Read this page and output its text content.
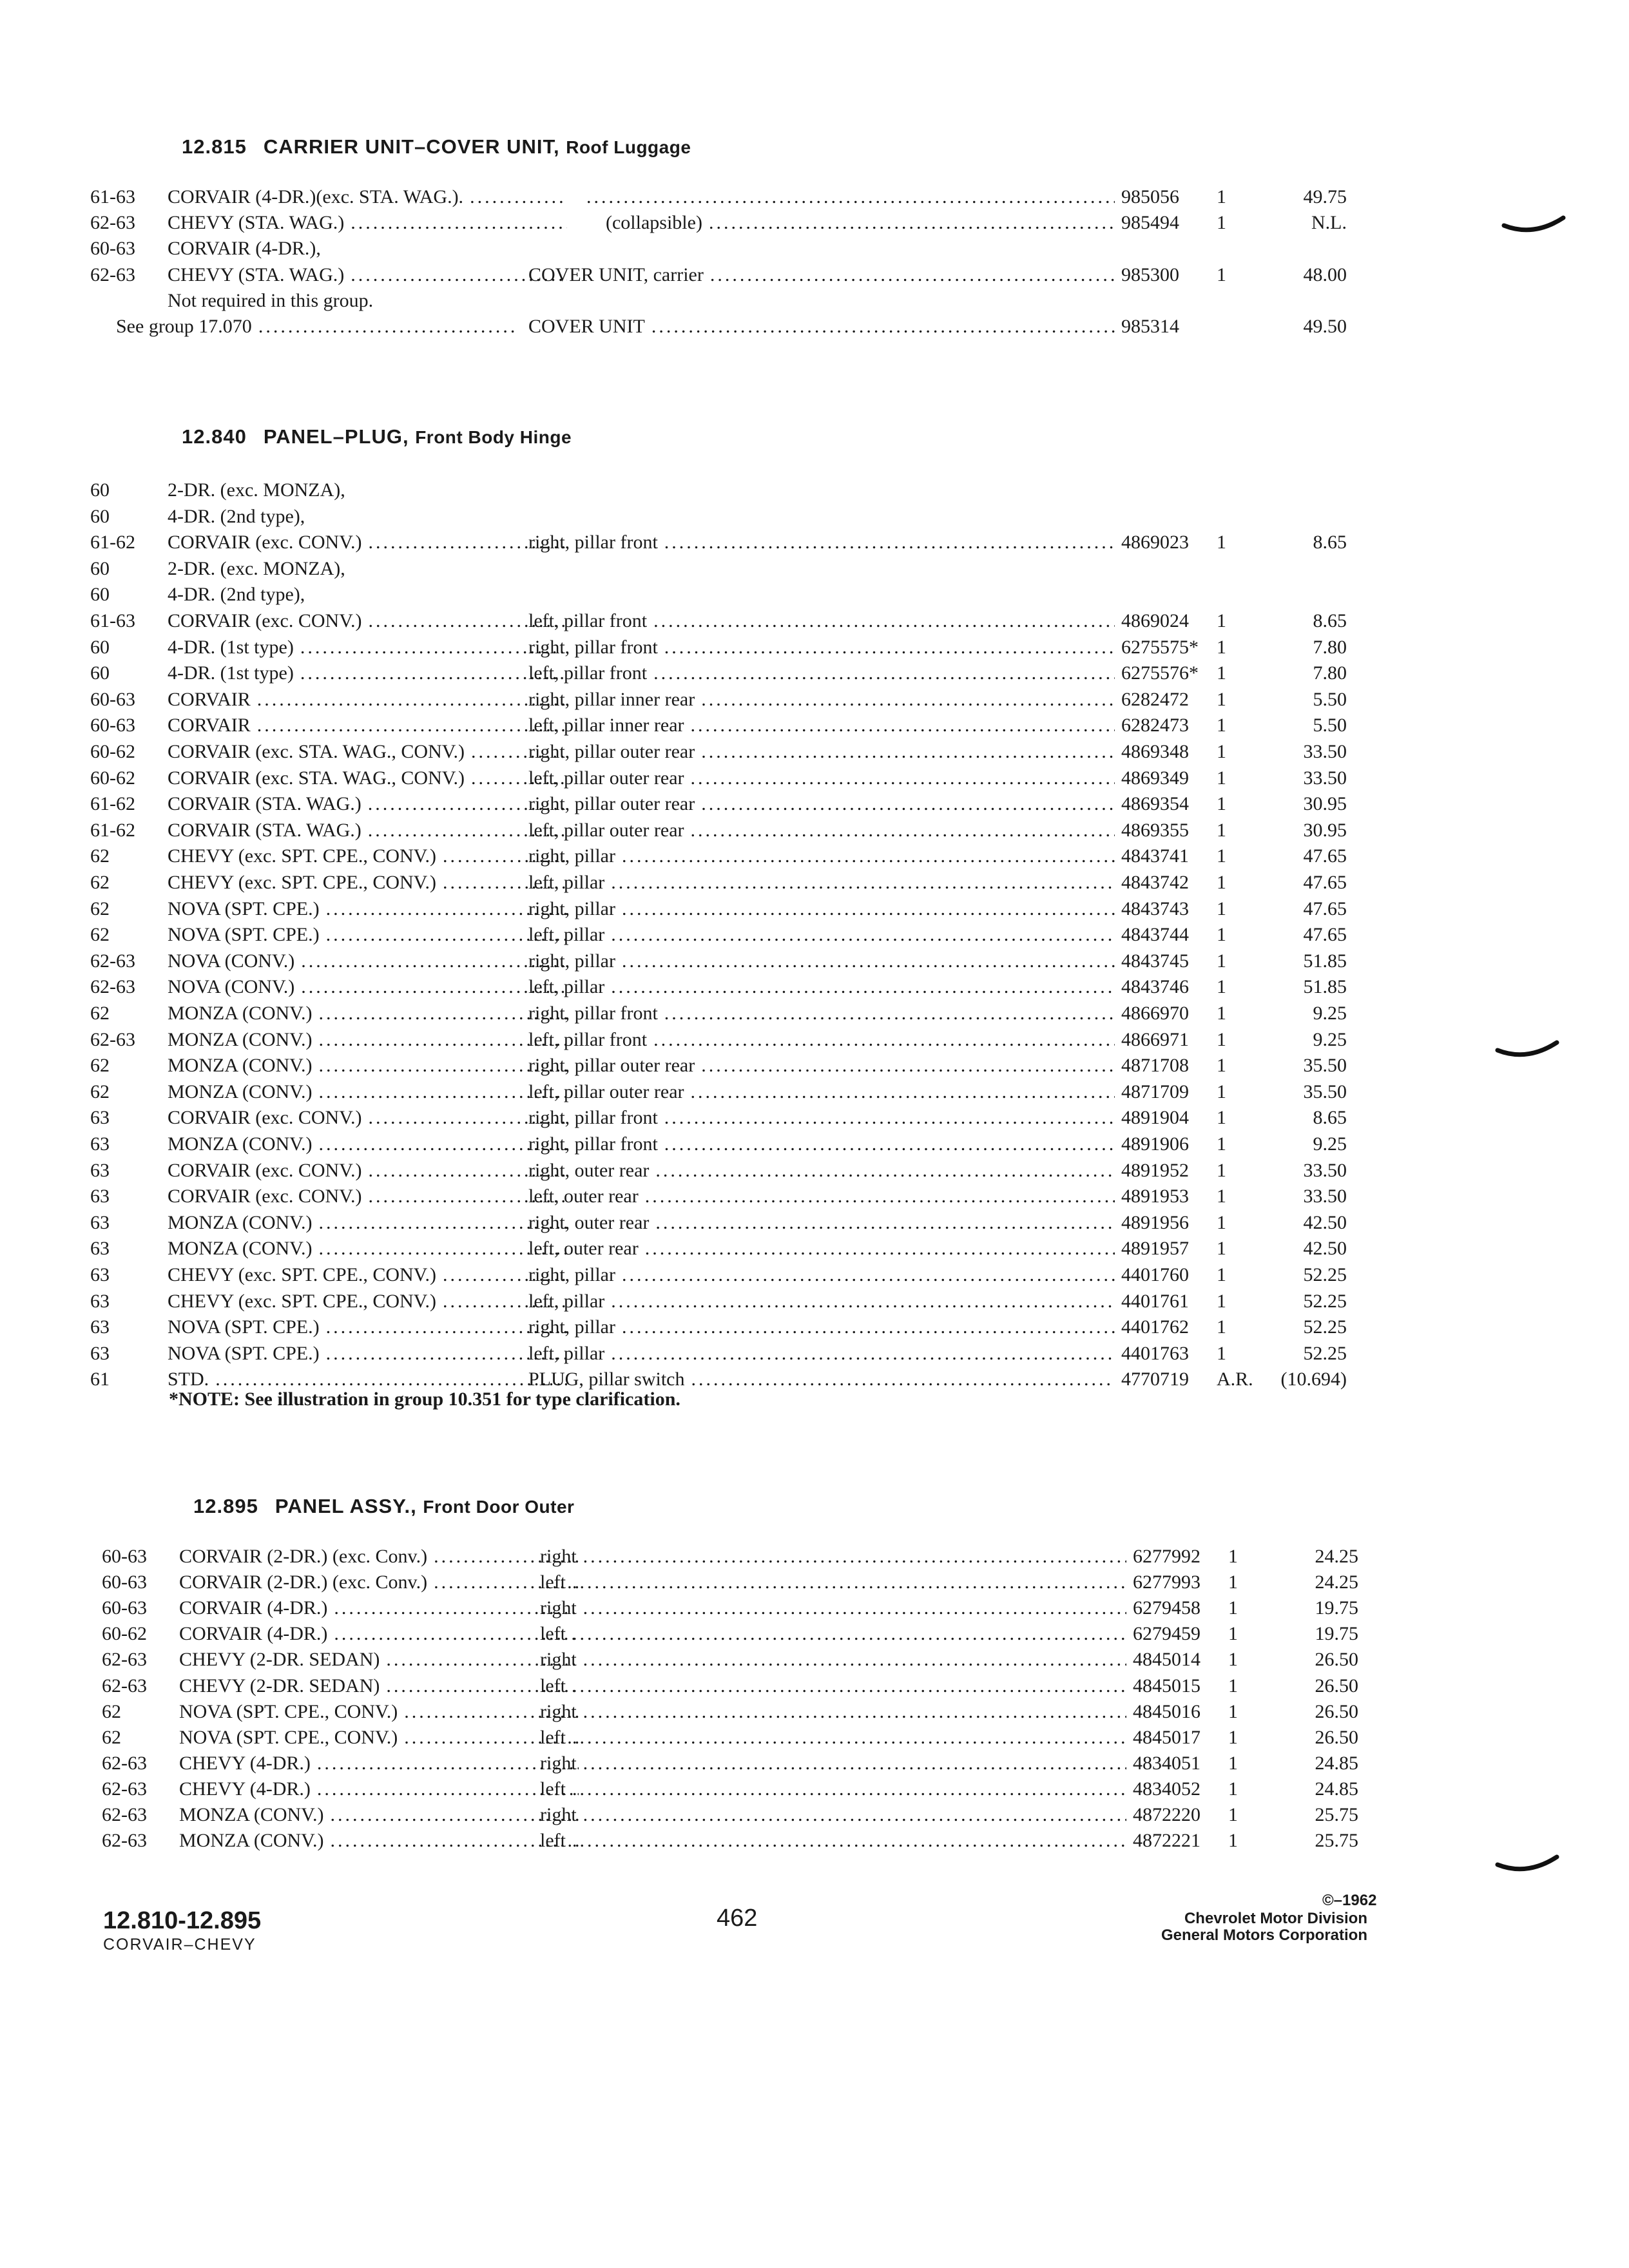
12.815 CARRIER UNIT–COVER UNIT, Roof Luggage
61-63 CORVAIR (4-DR.)(exc. STA. WAG.). ..... .....	985056 1	49.75
62-63 CHEVY (STA. WAG.) .....	(collapsible) .....	985494 1	N.L.
60-63 CORVAIR (4-DR.),
62-63 CHEVY (STA. WAG.) .....	COVER UNIT, carrier .....	985300 1	48.00
Not required in this group.
See group 17.070 .....	COVER UNIT .....	985314	49.50
12.840 PANEL–PLUG, Front Body Hinge
60	2-DR. (exc. MONZA),
60	4-DR. (2nd type),
61-62 CORVAIR (exc. CONV.) .....	right, pillar front .....	4869023 1	8.65
60	2-DR. (exc. MONZA),
60	4-DR. (2nd type),
61-63 CORVAIR (exc. CONV.) .....	left, pillar front .....	4869024 1	8.65
60	4-DR. (1st type) .....	right, pillar front .....	6275575* 1	7.80
60	4-DR. (1st type) .....	left, pillar front .....	6275576* 1	7.80
60-63 CORVAIR .....	right, pillar inner rear .....	6282472 1	5.50
60-63 CORVAIR .....	left, pillar inner rear .....	6282473 1	5.50
60-62 CORVAIR (exc. STA. WAG., CONV.) .....	right, pillar outer rear .....	4869348 1	33.50
60-62 CORVAIR (exc. STA. WAG., CONV.) .....	left, pillar outer rear .....	4869349 1	33.50
61-62 CORVAIR (STA. WAG.) .....	right, pillar outer rear .....	4869354 1	30.95
61-62 CORVAIR (STA. WAG.) .....	left, pillar outer rear .....	4869355 1	30.95
62	CHEVY (exc. SPT. CPE., CONV.) .....	right, pillar .....	4843741 1	47.65
62	CHEVY (exc. SPT. CPE., CONV.) .....	left, pillar .....	4843742 1	47.65
62	NOVA (SPT. CPE.) .....	right, pillar .....	4843743 1	47.65
62	NOVA (SPT. CPE.) .....	left, pillar .....	4843744 1	47.65
62-63 NOVA (CONV.) .....	right, pillar .....	4843745 1	51.85
62-63 NOVA (CONV.) .....	left, pillar .....	4843746 1	51.85
62	MONZA (CONV.) .....	right, pillar front .....	4866970 1	9.25
62-63 MONZA (CONV.) .....	left, pillar front .....	4866971 1	9.25
62	MONZA (CONV.) .....	right, pillar outer rear .....	4871708 1	35.50
62	MONZA (CONV.) .....	left, pillar outer rear .....	4871709 1	35.50
63	CORVAIR (exc. CONV.) .....	right, pillar front .....	4891904 1	8.65
63	MONZA (CONV.) .....	right, pillar front .....	4891906 1	9.25
63	CORVAIR (exc. CONV.) .....	right, outer rear .....	4891952 1	33.50
63	CORVAIR (exc. CONV.) .....	left, outer rear .....	4891953 1	33.50
63	MONZA (CONV.) .....	right, outer rear .....	4891956 1	42.50
63	MONZA (CONV.) .....	left, outer rear .....	4891957 1	42.50
63	CHEVY (exc. SPT. CPE., CONV.) .....	right, pillar .....	4401760 1	52.25
63	CHEVY (exc. SPT. CPE., CONV.) .....	left, pillar .....	4401761 1	52.25
63	NOVA (SPT. CPE.) .....	right, pillar .....	4401762 1	52.25
63	NOVA (SPT. CPE.) .....	left, pillar .....	4401763 1	52.25
61	STD. .....	PLUG, pillar switch .....	4770719 A.R.	(10.694)
*NOTE: See illustration in group 10.351 for type clarification.
12.895 PANEL ASSY., Front Door Outer
60-63 CORVAIR (2-DR.) (exc. Conv.) .....	right .....	6277992 1	24.25
60-63 CORVAIR (2-DR.) (exc. Conv.) .....	left .....	6277993 1	24.25
60-63 CORVAIR (4-DR.) .....	right .....	6279458 1	19.75
60-62 CORVAIR (4-DR.) .....	left .....	6279459 1	19.75
62-63 CHEVY (2-DR. SEDAN) .....	right .....	4845014 1	26.50
62-63 CHEVY (2-DR. SEDAN) .....	left .....	4845015 1	26.50
62	NOVA (SPT. CPE., CONV.) .....	right .....	4845016 1	26.50
62	NOVA (SPT. CPE., CONV.) .....	left .....	4845017 1	26.50
62-63 CHEVY (4-DR.) .....	right .....	4834051 1	24.85
62-63 CHEVY (4-DR.) .....	left .....	4834052 1	24.85
62-63 MONZA (CONV.) .....	right .....	4872220 1	25.75
62-63 MONZA (CONV.) .....	left .....	4872221 1	25.75
12.810-12.895
CORVAIR–CHEVY
462
©–1962
Chevrolet Motor Division
General Motors Corporation
